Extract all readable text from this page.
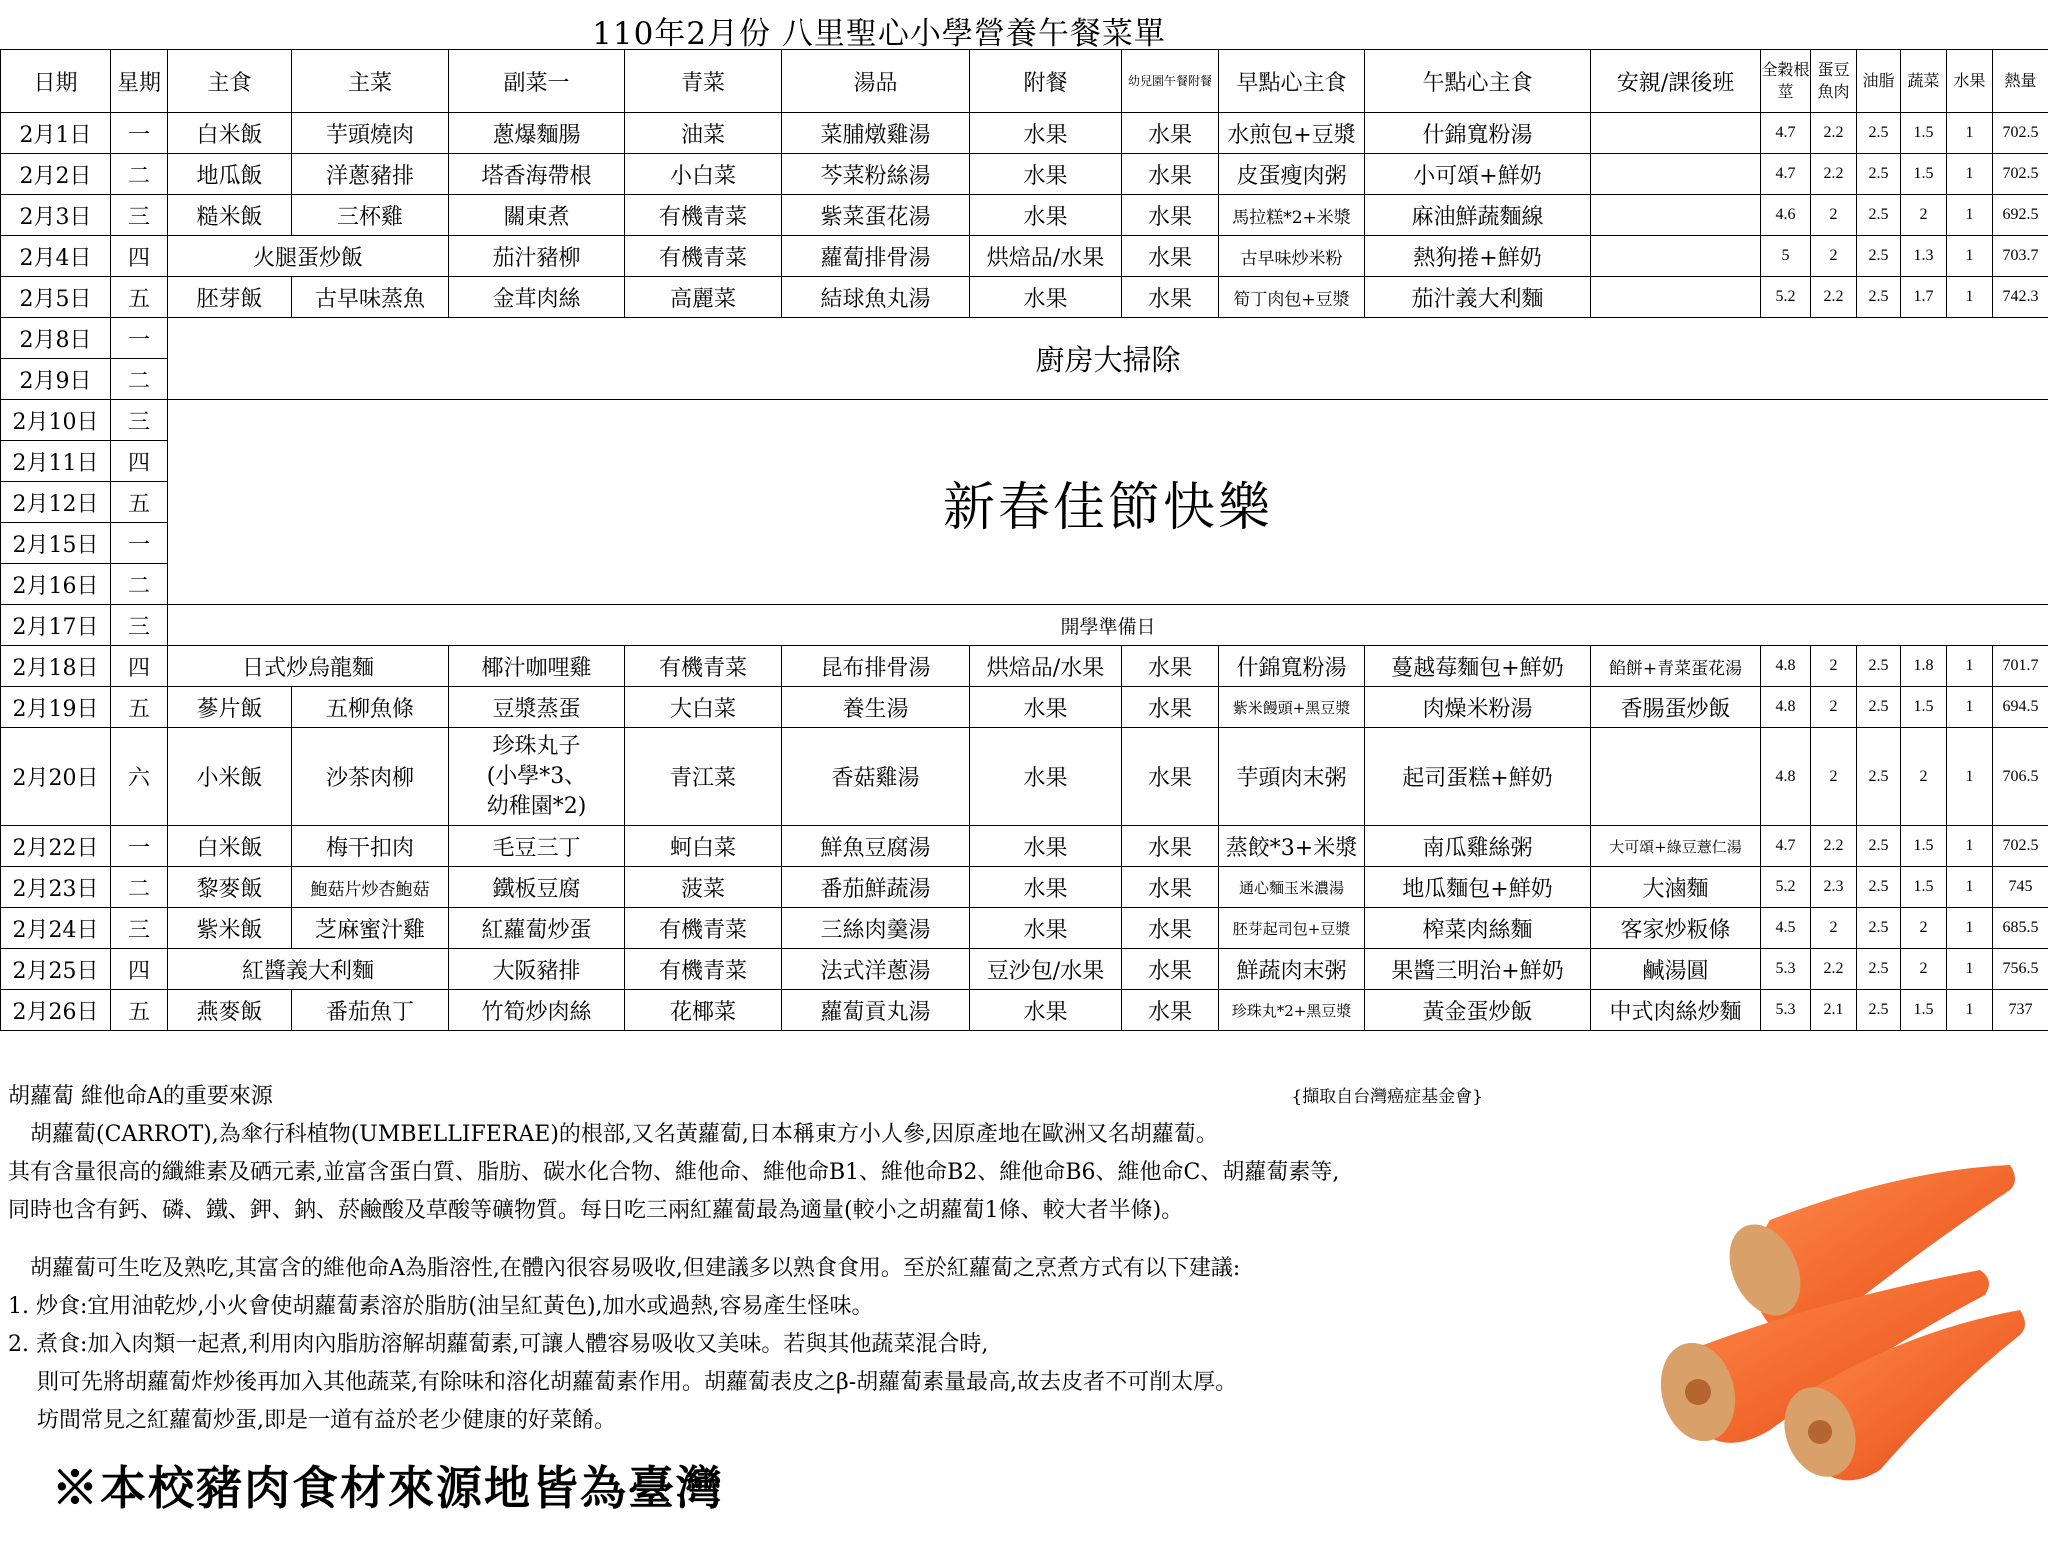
110年2月份 八里聖心小學營養午餐菜單
日期	星期	主食	主菜	副菜一	青菜	湯品	附餐	幼兒園午餐附餐	早點心主食	午點心主食	安親/課後班	全穀根莖	蛋豆魚肉	油脂	蔬菜	水果	熱量
2月1日	一	白米飯	芋頭燒肉	蔥爆麵腸	油菜	菜脯燉雞湯	水果	水果	水煎包+豆漿	什錦寬粉湯		4.7	2.2	2.5	1.5	1	702.5
2月2日	二	地瓜飯	洋蔥豬排	塔香海帶根	小白菜	芩菜粉絲湯	水果	水果	皮蛋瘦肉粥	小可頌+鮮奶		4.7	2.2	2.5	1.5	1	702.5
2月3日	三	糙米飯	三杯雞	關東煮	有機青菜	紫菜蛋花湯	水果	水果	馬拉糕*2+米漿	麻油鮮蔬麵線		4.6	2	2.5	2	1	692.5
2月4日	四	火腿蛋炒飯		茄汁豬柳	有機青菜	蘿蔔排骨湯	烘焙品/水果	水果	古早味炒米粉	熱狗捲+鮮奶		5	2	2.5	1.3	1	703.7
2月5日	五	胚芽飯	古早味蒸魚	金茸肉絲	高麗菜	結球魚丸湯	水果	水果	筍丁肉包+豆漿	茄汁義大利麵		5.2	2.2	2.5	1.7	1	742.3
2月8日	一	廚房大掃除															
2月9日	二																
2月10日	三	新春佳節快樂															
2月11日	四																
2月12日	五																
2月15日	一																
2月16日	二																
2月17日	三	開學準備日															
2月18日	四	日式炒烏龍麵		椰汁咖哩雞	有機青菜	昆布排骨湯	烘焙品/水果	水果	什錦寬粉湯	蔓越莓麵包+鮮奶	餡餅+青菜蛋花湯	4.8	2	2.5	1.8	1	701.7
2月19日	五	蔘片飯	五柳魚條	豆漿蒸蛋	大白菜	養生湯	水果	水果	紫米饅頭+黑豆漿	肉燥米粉湯	香腸蛋炒飯	4.8	2	2.5	1.5	1	694.5
2月20日	六	小米飯	沙茶肉柳	珍珠丸子
(小學*3、
幼稚園*2)	青江菜	香菇雞湯	水果	水果	芋頭肉末粥	起司蛋糕+鮮奶		4.8	2	2.5	2	1	706.5
2月22日	一	白米飯	梅干扣肉	毛豆三丁	蚵白菜	鮮魚豆腐湯	水果	水果	蒸餃*3+米漿	南瓜雞絲粥	大可頌+綠豆薏仁湯	4.7	2.2	2.5	1.5	1	702.5
2月23日	二	黎麥飯	鮑菇片炒杏鮑菇	鐵板豆腐	菠菜	番茄鮮蔬湯	水果	水果	通心麵玉米濃湯	地瓜麵包+鮮奶	大滷麵	5.2	2.3	2.5	1.5	1	745
2月24日	三	紫米飯	芝麻蜜汁雞	紅蘿蔔炒蛋	有機青菜	三絲肉羹湯	水果	水果	胚芽起司包+豆漿	榨菜肉絲麵	客家炒粄條	4.5	2	2.5	2	1	685.5
2月25日	四	紅醬義大利麵		大阪豬排	有機青菜	法式洋蔥湯	豆沙包/水果	水果	鮮蔬肉末粥	果醬三明治+鮮奶	鹹湯圓	5.3	2.2	2.5	2	1	756.5
2月26日	五	燕麥飯	番茄魚丁	竹筍炒肉絲	花椰菜	蘿蔔貢丸湯	水果	水果	珍珠丸*2+黑豆漿	黃金蛋炒飯	中式肉絲炒麵	5.3	2.1	2.5	1.5	1	737
胡蘿蔔 維他命A的重要來源	{擷取自台灣癌症基金會}
　胡蘿蔔(CARROT),為傘行科植物(UMBELLIFERAE)的根部,又名黃蘿蔔,日本稱東方小人參,因原產地在歐洲又名胡蘿蔔。
其有含量很高的纖維素及硒元素,並富含蛋白質、脂肪、碳水化合物、維他命、維他命B1、維他命B2、維他命B6、維他命C、胡蘿蔔素等,
同時也含有鈣、磷、鐵、鉀、鈉、菸鹼酸及草酸等礦物質。每日吃三兩紅蘿蔔最為適量(較小之胡蘿蔔1條、較大者半條)。
　胡蘿蔔可生吃及熟吃,其富含的維他命A為脂溶性,在體內很容易吸收,但建議多以熟食食用。至於紅蘿蔔之烹煮方式有以下建議:
1. 炒食:宜用油乾炒,小火會使胡蘿蔔素溶於脂肪(油呈紅黃色),加水或過熱,容易產生怪味。
2. 煮食:加入肉類一起煮,利用肉內脂肪溶解胡蘿蔔素,可讓人體容易吸收又美味。若與其他蔬菜混合時,
　 則可先將胡蘿蔔炸炒後再加入其他蔬菜,有除味和溶化胡蘿蔔素作用。胡蘿蔔表皮之β-胡蘿蔔素量最高,故去皮者不可削太厚。
　 坊間常見之紅蘿蔔炒蛋,即是一道有益於老少健康的好菜餚。
※本校豬肉食材來源地皆為臺灣
